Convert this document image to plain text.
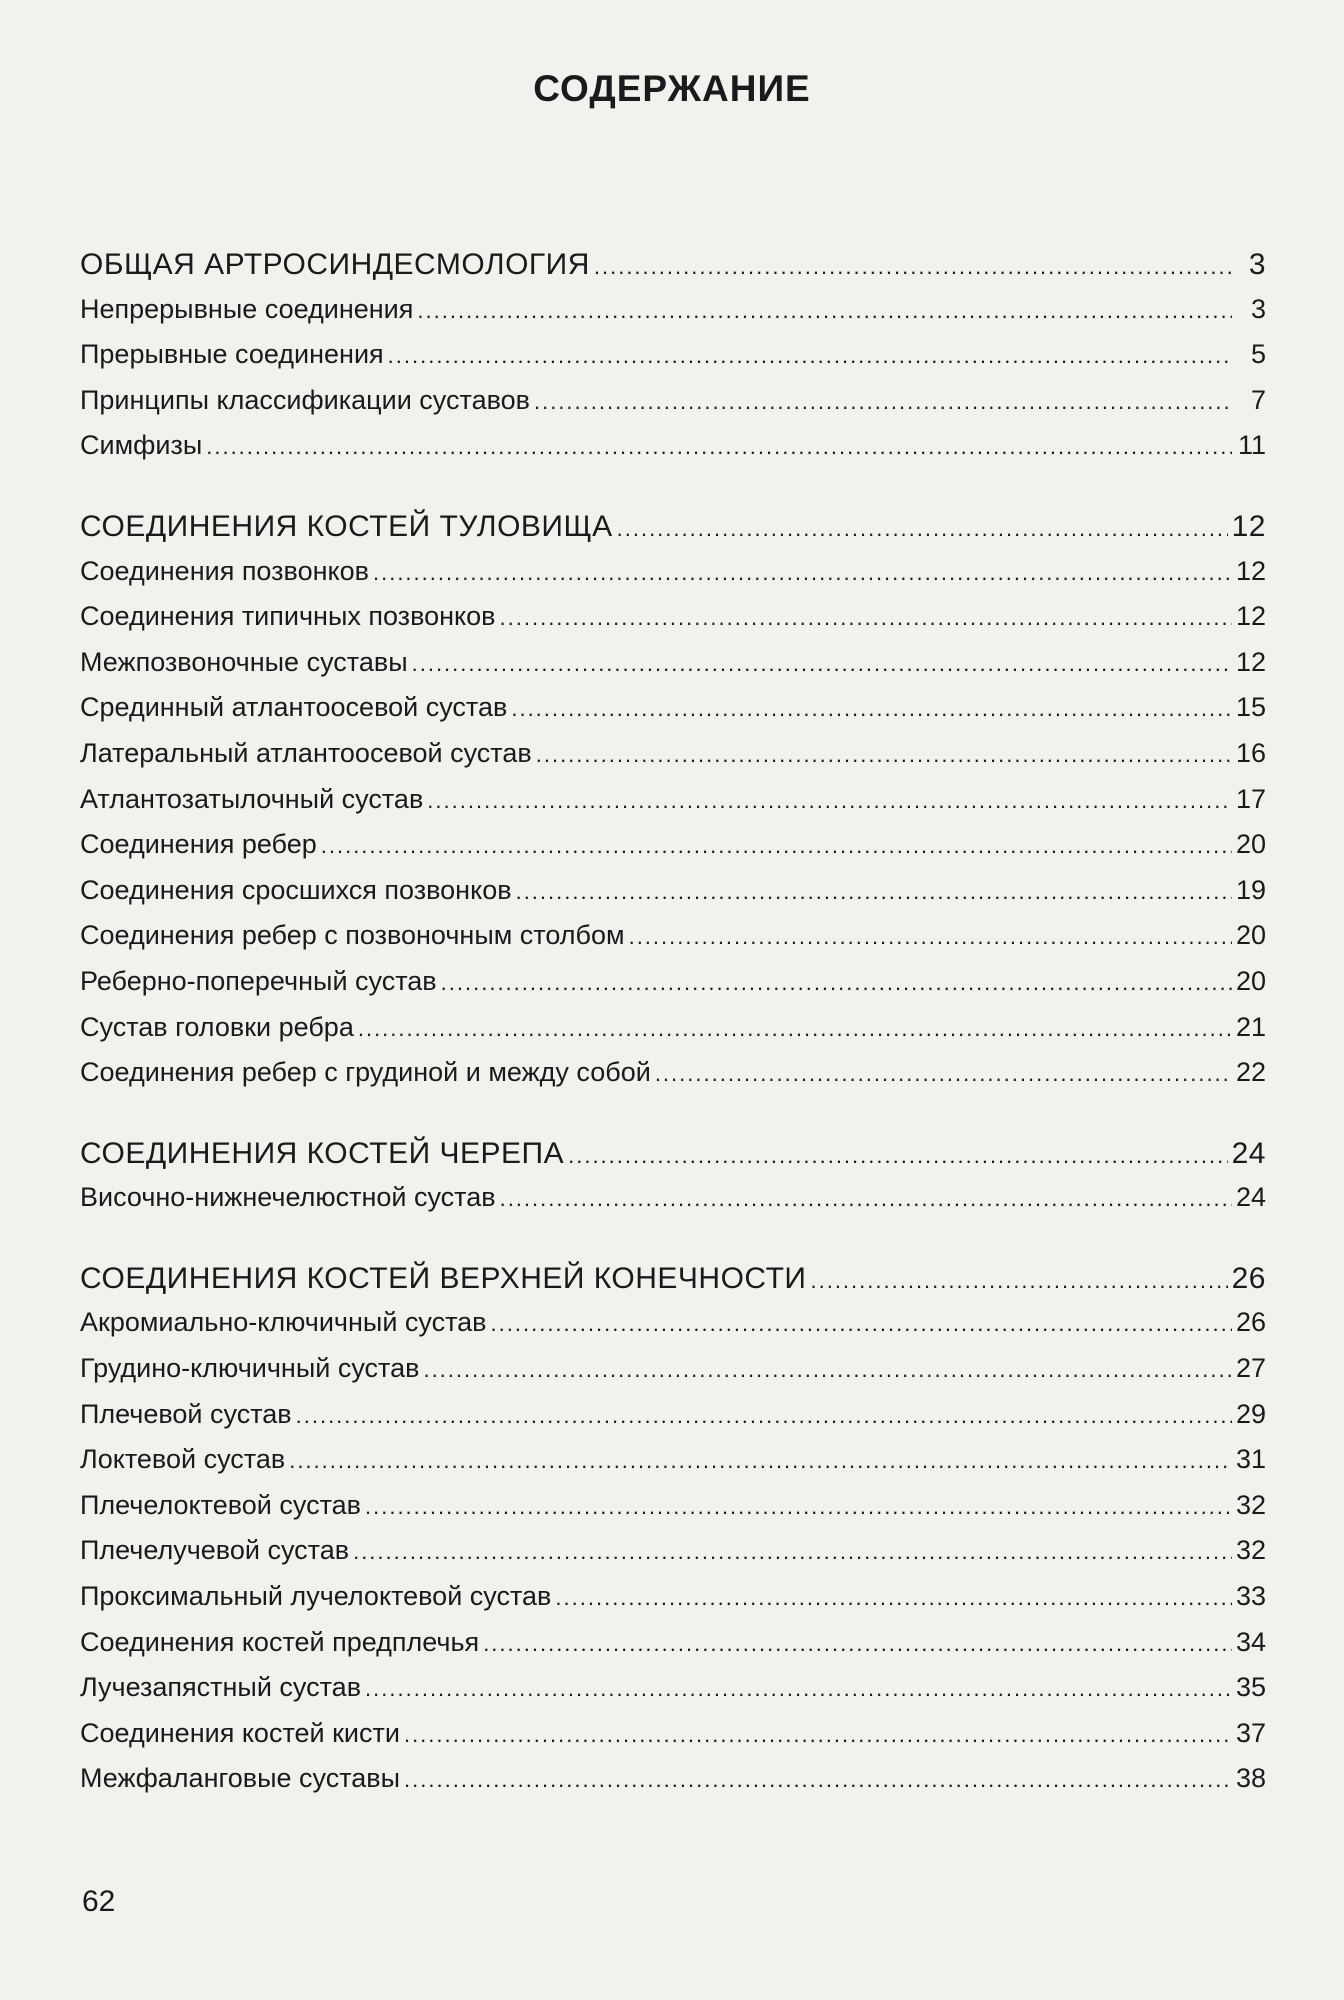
СОДЕРЖАНИЕ
ОБЩАЯ АРТРОСИНДЕСМОЛОГИЯ .....	3
Непрерывные соединения .....	3
Прерывные соединения .....	5
Принципы классификации суставов .....	7
Симфизы .....	11
СОЕДИНЕНИЯ КОСТЕЙ ТУЛОВИЩА .....	12
Соединения позвонков .....	12
Соединения типичных позвонков .....	12
Межпозвоночные суставы .....	12
Срединный атлантоосевой сустав .....	15
Латеральный атлантоосевой сустав .....	16
Атлантозатылочный сустав .....	17
Соединения ребер .....	20
Соединения сросшихся позвонков .....	19
Соединения ребер с позвоночным столбом .....	20
Реберно-поперечный сустав .....	20
Сустав головки ребра .....	21
Соединения ребер с грудиной и между собой .....	22
СОЕДИНЕНИЯ КОСТЕЙ ЧЕРЕПА .....	24
Височно-нижнечелюстной сустав .....	24
СОЕДИНЕНИЯ КОСТЕЙ ВЕРХНЕЙ КОНЕЧНОСТИ .....	26
Акромиально-ключичный сустав .....	26
Грудино-ключичный сустав .....	27
Плечевой сустав .....	29
Локтевой сустав .....	31
Плечелоктевой сустав .....	32
Плечелучевой сустав .....	32
Проксимальный лучелоктевой сустав .....	33
Соединения костей предплечья .....	34
Лучезапястный сустав .....	35
Соединения костей кисти .....	37
Межфаланговые суставы .....	38
62
